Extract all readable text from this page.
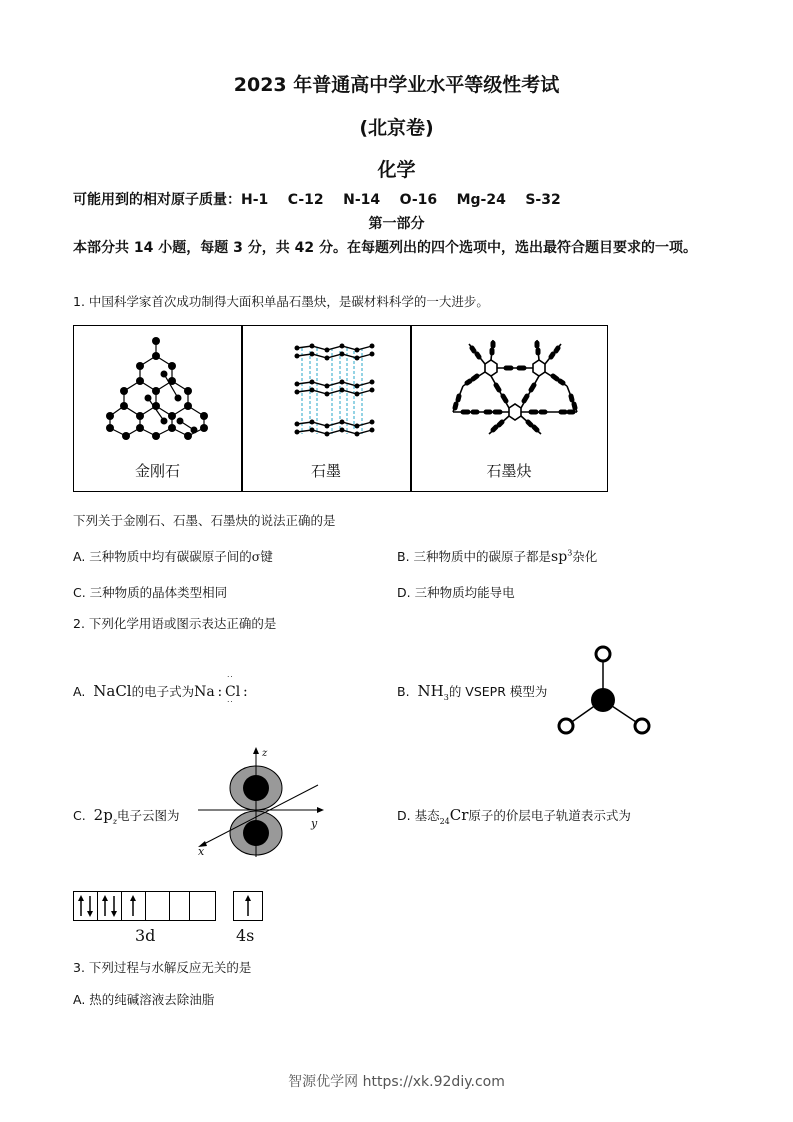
2023 年普通高中学业水平等级性考试
(北京卷)
化学
可能用到的相对原子质量：H-1    C-12    N-14    O-16    Mg-24    S-32
第一部分
本部分共 14 小题，每题 3 分，共 42 分。在每题列出的四个选项中，选出最符合题目要求的一项。
1. 中国科学家首次成功制得大面积单晶石墨炔，是碳材料科学的一大进步。
金刚石	石墨	石墨炔
下列关于金刚石、石墨、石墨炔的说法正确的是
A. 三种物质中均有碳碳原子间的σ键	B. 三种物质中的碳原子都是$sp^3$杂化
C. 三种物质的晶体类型相同	D. 三种物质均能导电
2. 下列化学用语或图示表达正确的是
A.  NaCl的电子式为Na : Cl :
··
··
B.  $NH_3$的 VSEPR 模型为
C.  $2p_z$电子云图为
z
y
x
D. 基态$_{24}$Cr原子的价层电子轨道表示式为
3d	4s
3. 下列过程与水解反应无关的是
A. 热的纯碱溶液去除油脂
智源优学网 https://xk.92diy.com
